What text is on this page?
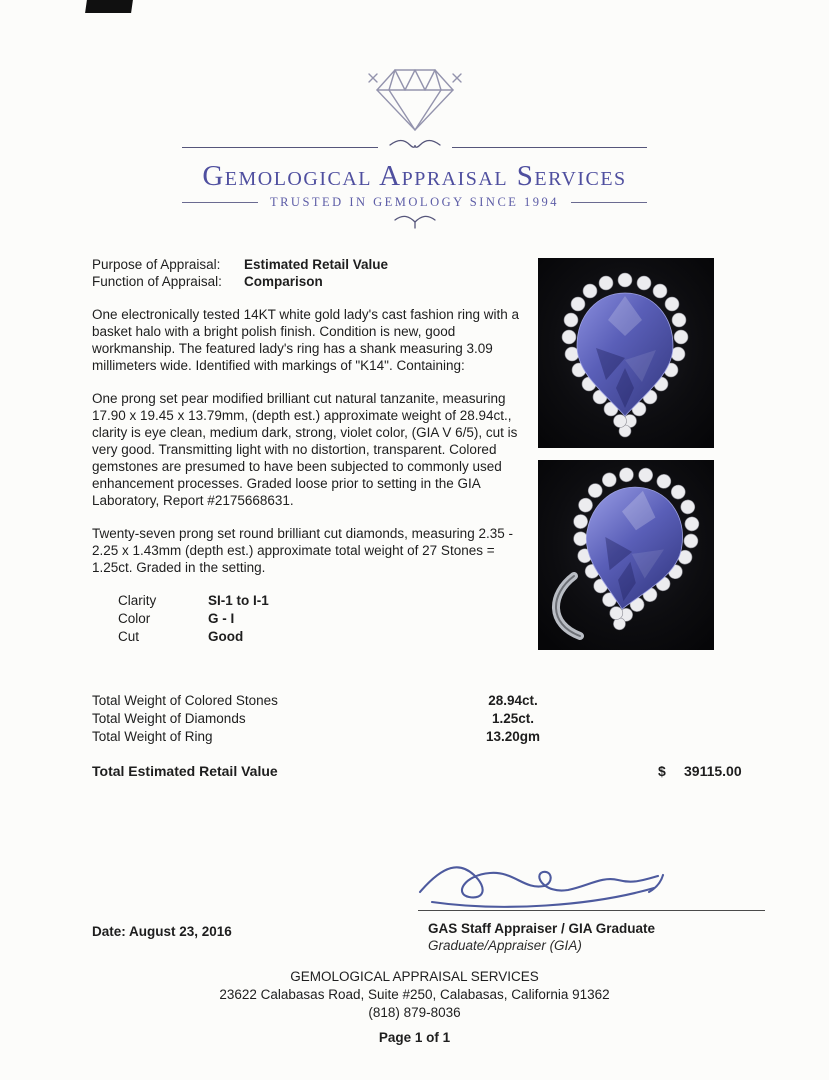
Gemological Appraisal Services
TRUSTED IN GEMOLOGY SINCE 1994
Purpose of Appraisal:	Estimated Retail Value
Function of Appraisal:	Comparison

One electronically tested 14KT white gold lady's cast fashion ring with a basket halo with a bright polish finish. Condition is new, good workmanship. The featured lady's ring has a shank measuring 3.09 millimeters wide. Identified with markings of "K14". Containing:

One prong set pear modified brilliant cut natural tanzanite, measuring 17.90 x 19.45 x 13.79mm, (depth est.) approximate weight of 28.94ct., clarity is eye clean, medium dark, strong, violet color, (GIA V 6/5), cut is very good. Transmitting light with no distortion, transparent. Colored gemstones are presumed to have been subjected to commonly used enhancement processes. Graded loose prior to setting in the GIA Laboratory, Report #2175668631.

Twenty-seven prong set round brilliant cut diamonds, measuring 2.35 - 2.25 x 1.43mm (depth est.) approximate total weight of 27 Stones = 1.25ct. Graded in the setting.

Clarity	SI-1 to I-1
Color	G - I
Cut	Good
Total Weight of Colored Stones	28.94ct.
Total Weight of Diamonds	1.25ct.
Total Weight of Ring	13.20gm
Total Estimated Retail Value	$ 39115.00
Date: August 23, 2016	GAS Staff Appraiser / GIA Graduate
Graduate/Appraiser (GIA)
GEMOLOGICAL APPRAISAL SERVICES
23622 Calabasas Road, Suite #250, Calabasas, California 91362
(818) 879-8036
Page 1 of 1
